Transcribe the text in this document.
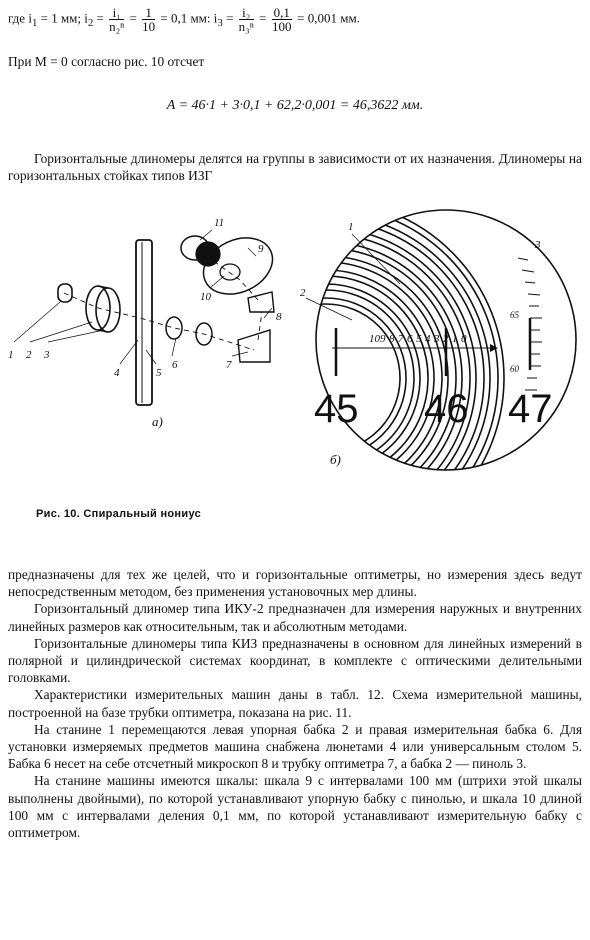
где $i_1 = 1$ мм; $i_2 = \frac{\text{i₁}}{\text{n₂ⁿ}} = \frac{1}{10} = 0,1$ мм: $i_3 = \frac{\text{i₂}}{\text{n₃ⁿ}} = \frac{0,1}{100} = 0,001$ мм.
При M = 0 согласно рис. 10 отсчет
A = 46·1 + 3·0,1 + 62,2·0,001 = 46,3622 мм.

Горизонтальные длиномеры делятся на группы в зависимости от их назначения. Длиномеры на горизонтальных стойках типов ИЗГ

1 2 3
4	5
6	7
8
9
10
11
а)
10 9 8 7 6 5 4 3 2 1 0
3
65
60
1
2
45 46 47
б)
Рис. 10. Спиральный нониус

предназначены для тех же целей, что и горизонтальные оптиметры, но измерения здесь ведут непосредственным методом, без применения установочных мер длины.

Горизонтальный длиномер типа ИКУ-2 предназначен для измерения наружных и внутренних линейных размеров как относительным, так и абсолютным методами.

Горизонтальные длиномеры типа КИЗ предназначены в основном для линейных измерений в полярной и цилиндрической системах координат, в комплекте с оптическими делительными головками.

Характеристики измерительных машин даны в табл. 12. Схема измерительной машины, построенной на базе трубки оптиметра, показана на рис. 11.

На станине 1 перемещаются левая упорная бабка 2 и правая измерительная бабка 6. Для установки измеряемых предметов машина снабжена люнетами 4 или универсальным столом 5. Бабка 6 несет на себе отсчетный микроскоп 8 и трубку оптиметра 7, а бабка 2 — пиноль 3.

На станине машины имеются шкалы: шкала 9 с интервалами 100 мм (штрихи этой шкалы выполнены двойными), по которой устанавливают упорную бабку с пинолью, и шкала 10 длиной 100 мм с интервалами деления 0,1 мм, по которой устанавливают измерительную бабку с оптиметром.
